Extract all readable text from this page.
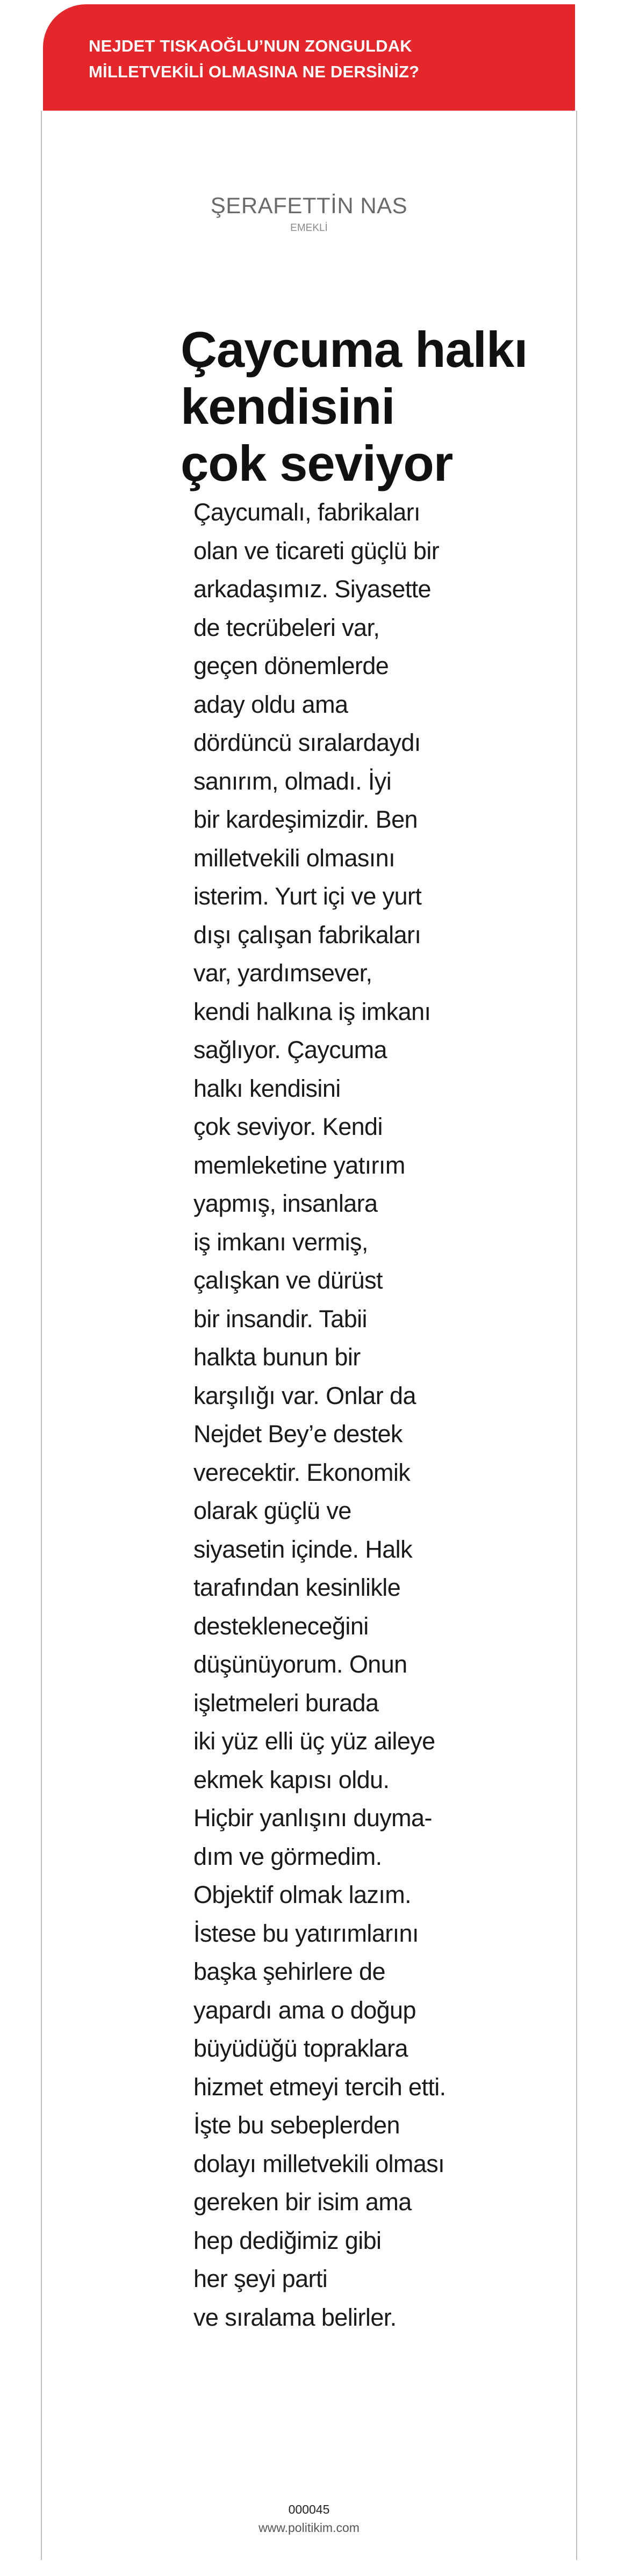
NEJDET TISKAOĞLU’NUN ZONGULDAK
MİLLETVEKİLİ OLMASINA NE DERSİNİZ?
ŞERAFETTİN NAS
EMEKLİ
Çaycuma halkı
kendisini
çok seviyor
Çaycumalı, fabrikaları
olan ve ticareti güçlü bir
arkadaşımız. Siyasette
de tecrübeleri var,
geçen dönemlerde
aday oldu ama
dördüncü sıralardaydı
sanırım, olmadı. İyi
bir kardeşimizdir. Ben
milletvekili olmasını
isterim. Yurt içi ve yurt
dışı çalışan fabrikaları
var, yardımsever,
kendi halkına iş imkanı
sağlıyor. Çaycuma
halkı kendisini
çok seviyor. Kendi
memleketine yatırım
yapmış, insanlara
iş imkanı vermiş,
çalışkan ve dürüst
bir insandir. Tabii
halkta bunun bir
karşılığı var. Onlar da
Nejdet Bey’e destek
verecektir. Ekonomik
olarak güçlü ve
siyasetin içinde. Halk
tarafından kesinlikle
destekleneceğini
düşünüyorum. Onun
işletmeleri burada
iki yüz elli üç yüz aileye
ekmek kapısı oldu.
Hiçbir yanlışını duyma-
dım ve görmedim.
Objektif olmak lazım.
İstese bu yatırımlarını
başka şehirlere de
yapardı ama o doğup
büyüdüğü topraklara
hizmet etmeyi tercih etti.
İşte bu sebeplerden
dolayı milletvekili olması
gereken bir isim ama
hep dediğimiz gibi
her şeyi parti
ve sıralama belirler.
000045
www.politikim.com
